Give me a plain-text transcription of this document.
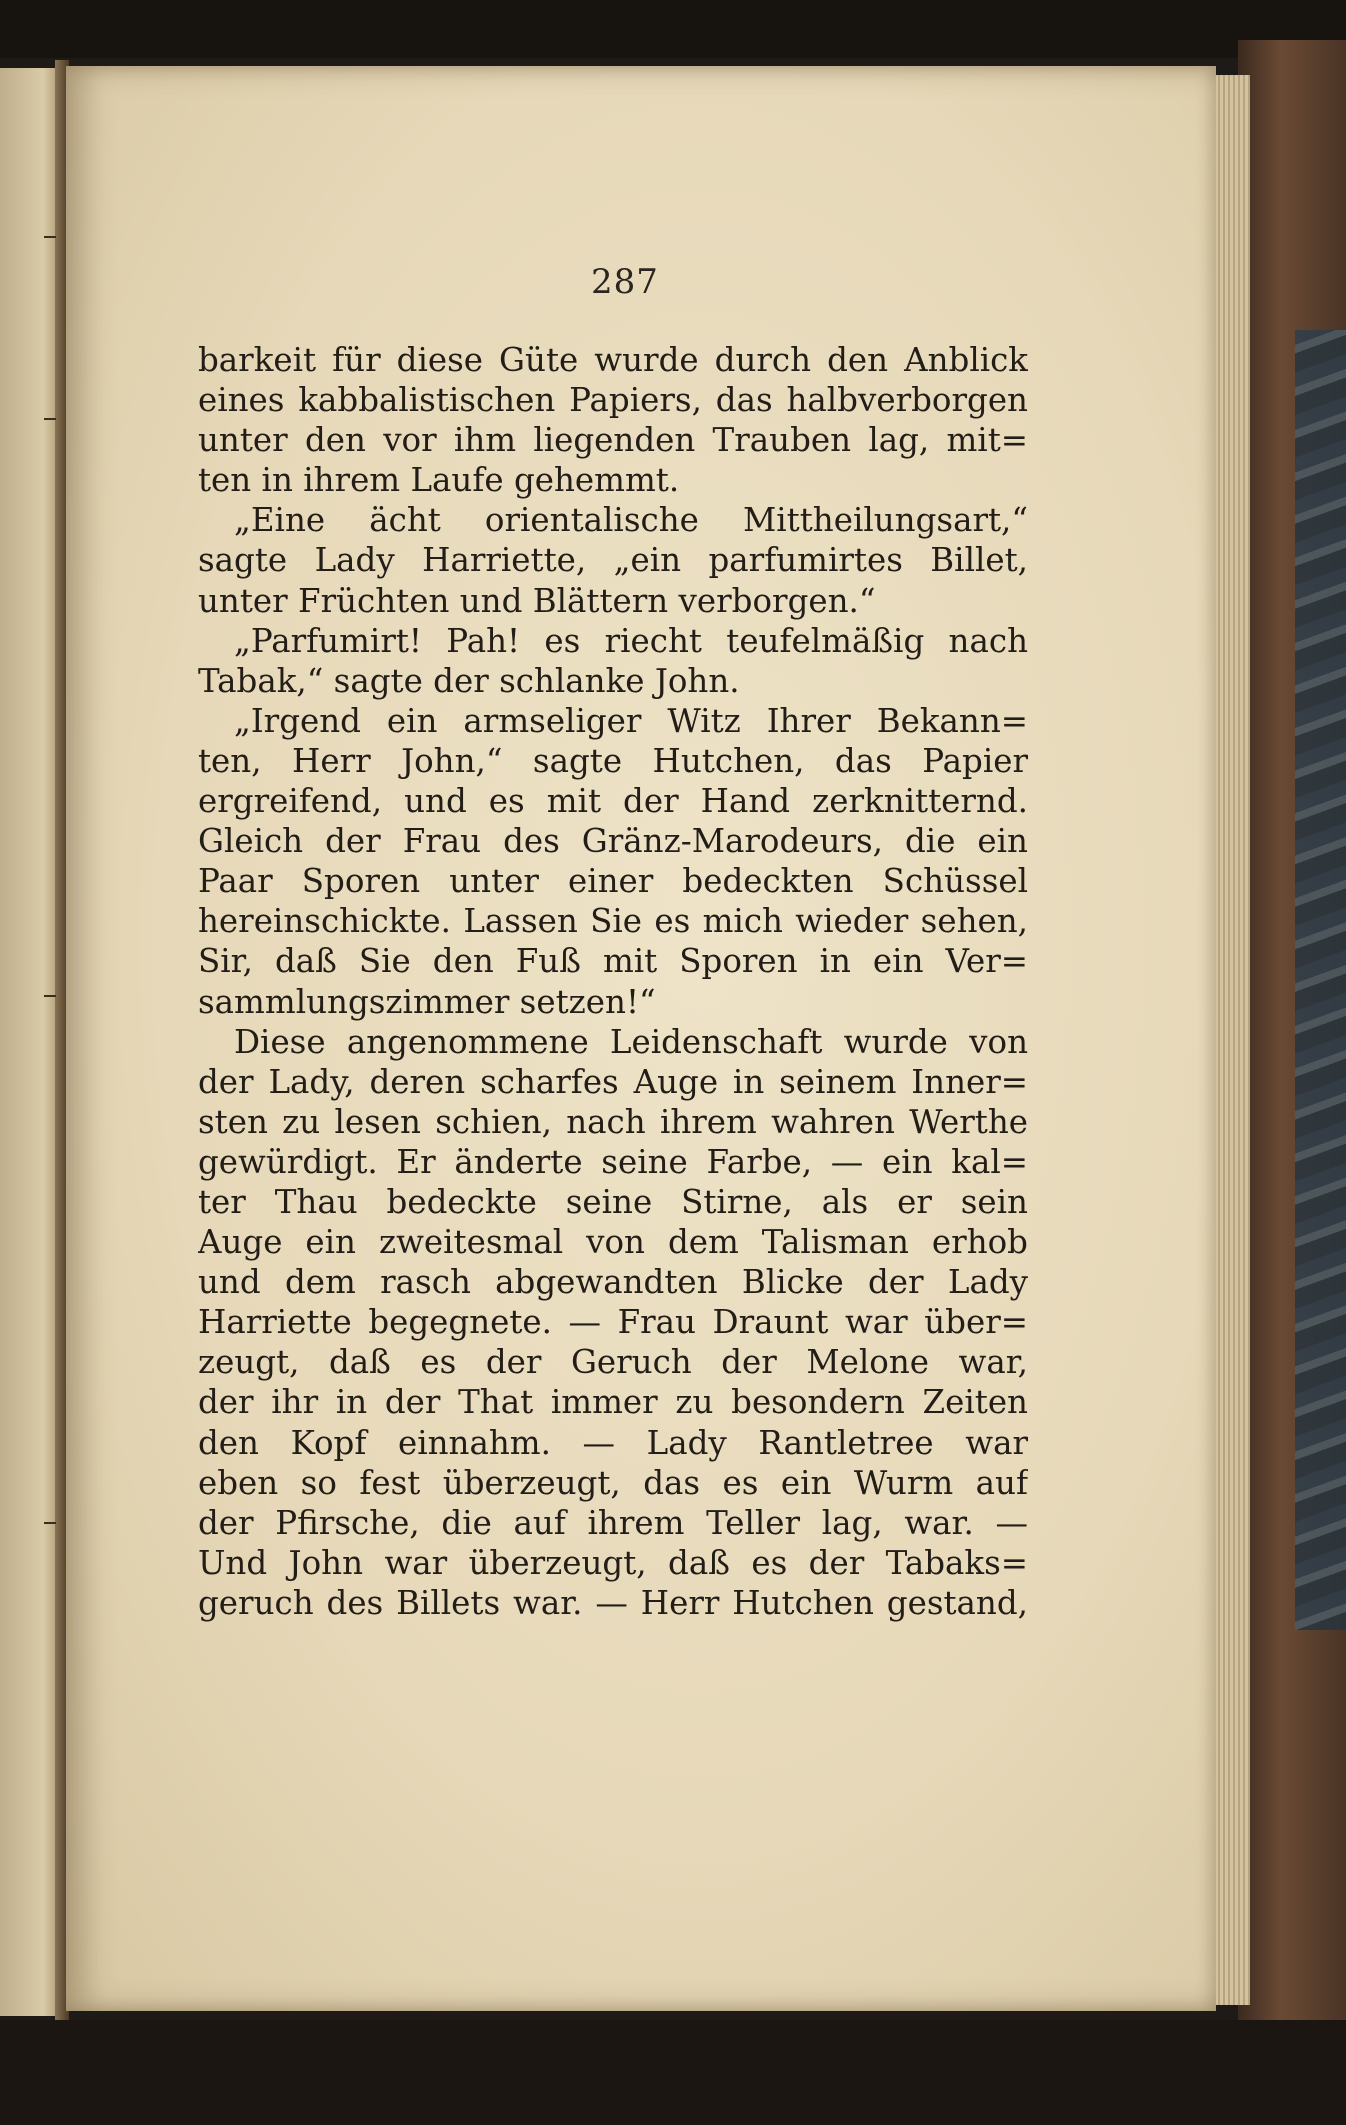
287
barkeit für diese Güte wurde durch den Anblick
eines kabbalistischen Papiers, das halbverborgen
unter den vor ihm liegenden Trauben lag, mit=
ten in ihrem Laufe gehemmt.
„Eine ächt orientalische Mittheilungsart,“
sagte Lady Harriette, „ein parfumirtes Billet,
unter Früchten und Blättern verborgen.“
„Parfumirt! Pah! es riecht teufelmäßig nach
Tabak,“ sagte der schlanke John.
„Irgend ein armseliger Witz Ihrer Bekann=
ten, Herr John,“ sagte Hutchen, das Papier
ergreifend, und es mit der Hand zerknitternd.
Gleich der Frau des Gränz-Marodeurs, die ein
Paar Sporen unter einer bedeckten Schüssel
hereinschickte. Lassen Sie es mich wieder sehen,
Sir, daß Sie den Fuß mit Sporen in ein Ver=
sammlungszimmer setzen!“
Diese angenommene Leidenschaft wurde von
der Lady, deren scharfes Auge in seinem Inner=
sten zu lesen schien, nach ihrem wahren Werthe
gewürdigt. Er änderte seine Farbe, — ein kal=
ter Thau bedeckte seine Stirne, als er sein
Auge ein zweitesmal von dem Talisman erhob
und dem rasch abgewandten Blicke der Lady
Harriette begegnete. — Frau Draunt war über=
zeugt, daß es der Geruch der Melone war,
der ihr in der That immer zu besondern Zeiten
den Kopf einnahm. — Lady Rantletree war
eben so fest überzeugt, das es ein Wurm auf
der Pfirsche, die auf ihrem Teller lag, war. —
Und John war überzeugt, daß es der Tabaks=
geruch des Billets war. — Herr Hutchen gestand,
